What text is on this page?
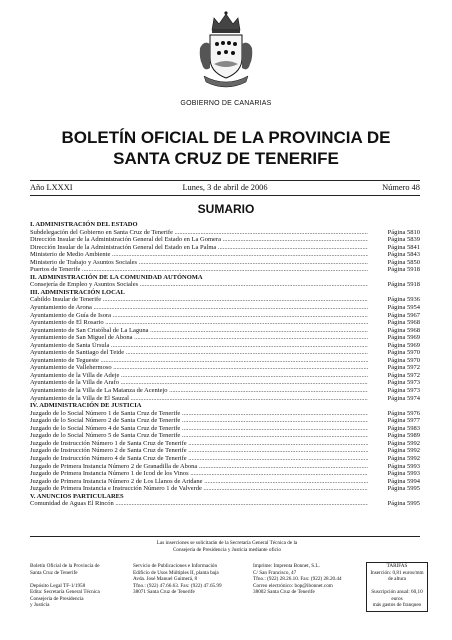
GOBIERNO DE CANARIAS
BOLETÍN OFICIAL DE LA PROVINCIA DE
SANTA CRUZ DE TENERIFE
Año LXXXI	Lunes, 3 de abril de 2006	Número 48
SUMARIO
I. ADMINISTRACIÓN DEL ESTADO
Subdelegación del Gobierno en Santa Cruz de Tenerife .....	Página 5810
Dirección Insular de la Administración General del Estado en La Gomera .....	Página 5839
Dirección Insular de la Administración General del Estado en La Palma .....	Página 5841
Ministerio de Medio Ambiente .....	Página 5843
Ministerio de Trabajo y Asuntos Sociales .....	Página 5850
Puertos de Tenerife .....	Página 5918
II. ADMINISTRACIÓN DE LA COMUNIDAD AUTÓNOMA
Consejería de Empleo y Asuntos Sociales .....	Página 5918
III. ADMINISTRACIÓN LOCAL
Cabildo Insular de Tenerife .....	Página 5936
Ayuntamiento de Arona .....	Página 5954
Ayuntamiento de Guía de Isora .....	Página 5967
Ayuntamiento de El Rosario .....	Página 5968
Ayuntamiento de San Cristóbal de La Laguna .....	Página 5968
Ayuntamiento de San Miguel de Abona .....	Página 5969
Ayuntamiento de Santa Úrsula .....	Página 5969
Ayuntamiento de Santiago del Teide .....	Página 5970
Ayuntamiento de Tegueste .....	Página 5970
Ayuntamiento de Vallehermoso .....	Página 5972
Ayuntamiento de la Villa de Adeje .....	Página 5972
Ayuntamiento de la Villa de Arafo .....	Página 5973
Ayuntamiento de la Villa de La Matanza de Acentejo .....	Página 5973
Ayuntamiento de la Villa de El Sauzal .....	Página 5974
IV. ADMINISTRACIÓN DE JUSTICIA
Juzgado de lo Social Número 1 de Santa Cruz de Tenerife .....	Página 5976
Juzgado de lo Social Número 2 de Santa Cruz de Tenerife .....	Página 5977
Juzgado de lo Social Número 4 de Santa Cruz de Tenerife .....	Página 5983
Juzgado de lo Social Número 5 de Santa Cruz de Tenerife .....	Página 5989
Juzgado de Instrucción Número 1 de Santa Cruz de Tenerife .....	Página 5992
Juzgado de Instrucción Número 2 de Santa Cruz de Tenerife .....	Página 5992
Juzgado de Instrucción Número 4 de Santa Cruz de Tenerife .....	Página 5992
Juzgado de Primera Instancia Número 2 de Granadilla de Abona .....	Página 5993
Juzgado de Primera Instancia Número 1 de Icod de los Vinos .....	Página 5993
Juzgado de Primera Instancia Número 2 de Los Llanos de Aridane .....	Página 5994
Juzgado de Primera Instancia e Instrucción Número 1 de Valverde .....	Página 5995
V. ANUNCIOS PARTICULARES
Comunidad de Aguas El Rincón .....	Página 5995
Las inserciones se solicitarán de la Secretaría General Técnica de la
Consejería de Presidencia y Justicia mediante oficio
Boletín Oficial de la Provincia de
Santa Cruz de Tenerife

Depósito Legal TF-1/1958
Edita: Secretaría General Técnica
Consejería de Presidencia
y Justicia
Servicio de Publicaciones e Información
Edificio de Usos Múltiples II, planta baja
Avda. José Manuel Guimerá, 8
Tfno.: (922) 47.66.63. Fax: (922) 47.65.99
38071 Santa Cruz de Tenerife
Imprime: Imprenta Bonnet, S.L.
C/ San Francisco, 47
Tfno.: (922) 28.26.10. Fax: (922) 28.20.44
Correo electrónico: bop@ibonnet.com
38002 Santa Cruz de Tenerife
TARIFAS
Inserción: 0,81 euros/mm
de altura

Suscripción anual: 60,10 euros
más gastos de franqueo
